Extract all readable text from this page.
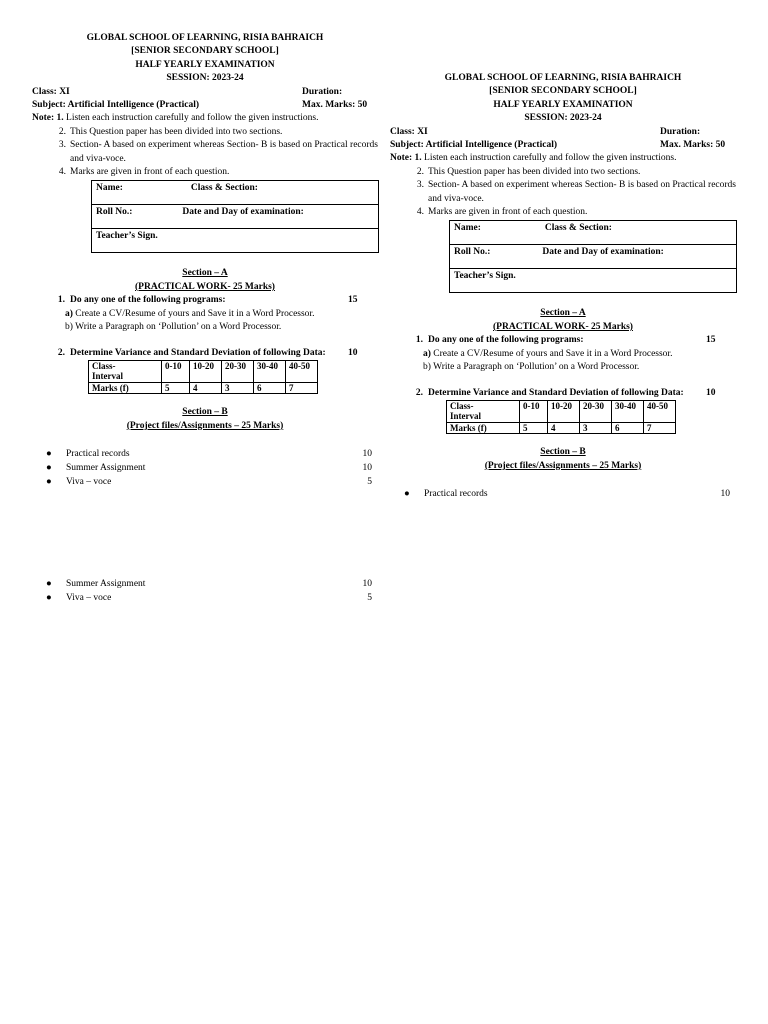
GLOBAL SCHOOL OF LEARNING, RISIA BAHRAICH
[SENIOR SECONDARY SCHOOL]
HALF YEARLY EXAMINATION
SESSION: 2023-24
Class: XI	Duration:
Subject: Artificial Intelligence (Practical)	Max. Marks: 50
Note: 1. Listen each instruction carefully and follow the given instructions.
2. This Question paper has been divided into two sections.
3. Section- A based on experiment whereas Section- B is based on Practical records and viva-voce.
4. Marks are given in front of each question.
Name:	Class & Section:
Roll No.:	Date and Day of examination:
Teacher’s Sign.
Section – A
(PRACTICAL WORK- 25 Marks)
1. Do any one of the following programs:	15
a) Create a CV/Resume of yours and Save it in a Word Processor.
b) Write a Paragraph on ‘Pollution’ on a Word Processor.
2. Determine Variance and Standard Deviation of following Data:	10
Class-
Interval	0-10	10-20	20-30	30-40	40-50
Marks (f)	5	4	3	6	7
Section – B
(Project files/Assignments – 25 Marks)
●	Practical records	10
●	Summer Assignment	10
●	Viva – voce	5
●	Summer Assignment	10
●	Viva – voce	5
GLOBAL SCHOOL OF LEARNING, RISIA BAHRAICH
[SENIOR SECONDARY SCHOOL]
HALF YEARLY EXAMINATION
SESSION: 2023-24
Class: XI	Duration:
Subject: Artificial Intelligence (Practical)	Max. Marks: 50
Note: 1. Listen each instruction carefully and follow the given instructions.
2. This Question paper has been divided into two sections.
3. Section- A based on experiment whereas Section- B is based on Practical records and viva-voce.
4. Marks are given in front of each question.
Name:	Class & Section:
Roll No.:	Date and Day of examination:
Teacher’s Sign.
Section – A
(PRACTICAL WORK- 25 Marks)
1. Do any one of the following programs:	15
a) Create a CV/Resume of yours and Save it in a Word Processor.
b) Write a Paragraph on ‘Pollution’ on a Word Processor.
2. Determine Variance and Standard Deviation of following Data:	10
Class-
Interval	0-10	10-20	20-30	30-40	40-50
Marks (f)	5	4	3	6	7
Section – B
(Project files/Assignments – 25 Marks)
●	Practical records	10
